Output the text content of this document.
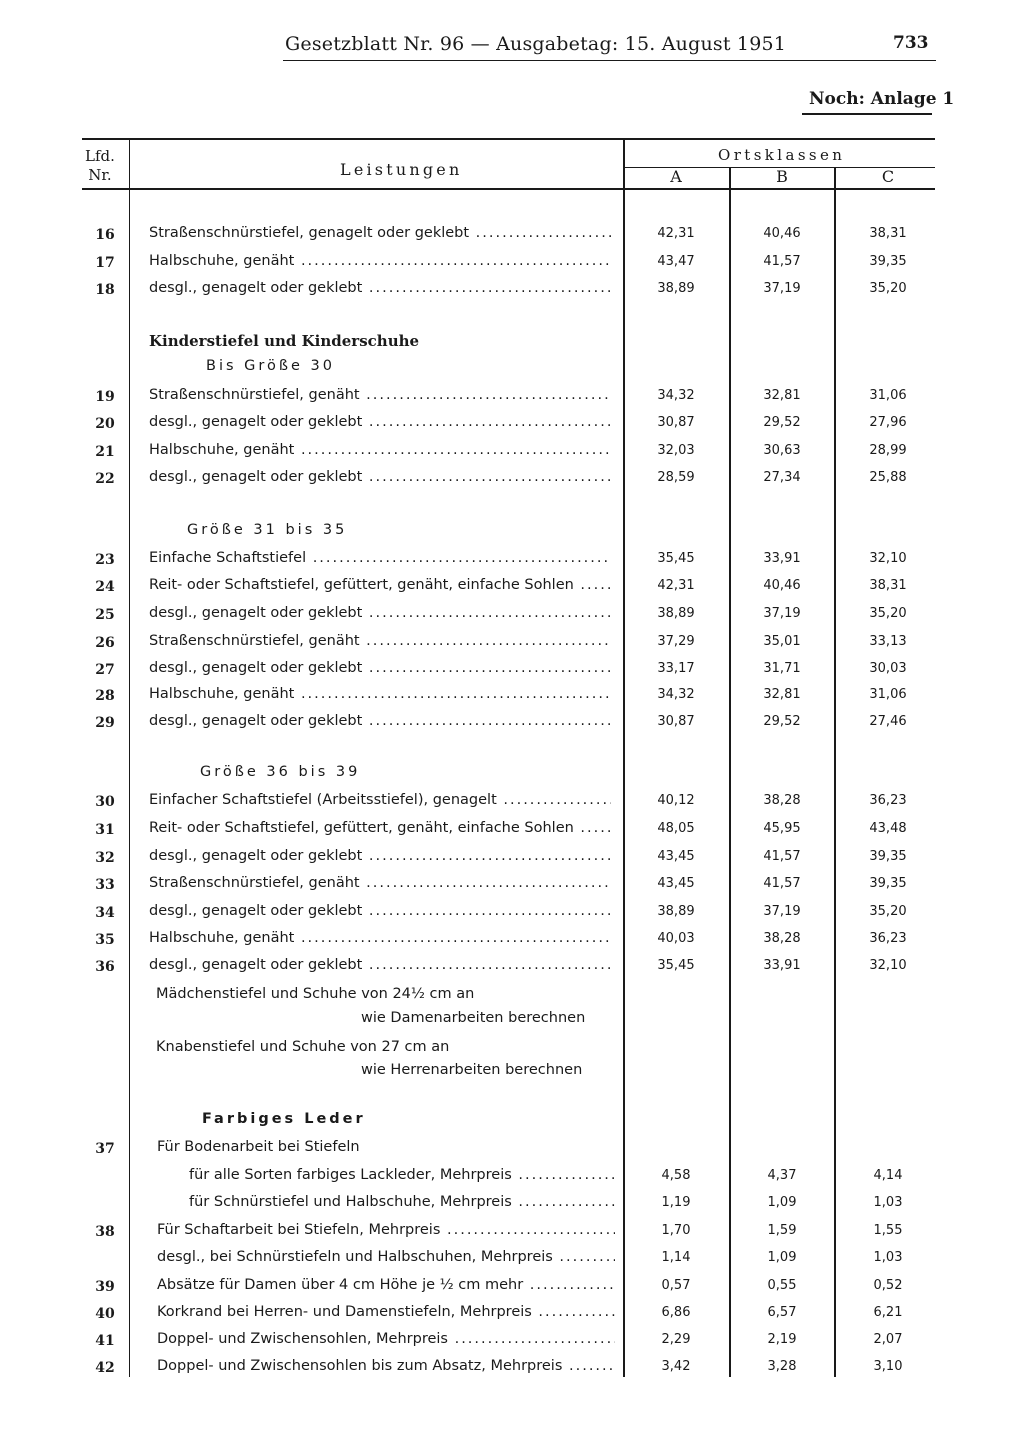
Gesetzblatt Nr. 96 — Ausgabetag: 15. August 1951	733
Noch: Anlage 1
Lfd.
Nr.	Leistungen
Ortsklassen
A	B	C
Kinderstiefel und Kinderschuhe
Bis Größe 30
Größe 31 bis 35
Größe 36 bis 39
Mädchenstiefel und Schuhe von 24½ cm an
wie Damenarbeiten berechnen
Knabenstiefel und Schuhe von 27 cm an
wie Herrenarbeiten berechnen
Farbiges Leder
16	Straßenschnürstiefel, genagelt oder geklebt .....	42,31	40,46	38,31
17	Halbschuhe, genäht .....	43,47	41,57	39,35
18	desgl., genagelt oder geklebt .....	38,89	37,19	35,20
19	Straßenschnürstiefel, genäht .....	34,32	32,81	31,06
20	desgl., genagelt oder geklebt .....	30,87	29,52	27,96
21	Halbschuhe, genäht .....	32,03	30,63	28,99
22	desgl., genagelt oder geklebt .....	28,59	27,34	25,88
23	Einfache Schaftstiefel .....	35,45	33,91	32,10
24	Reit- oder Schaftstiefel, gefüttert, genäht, einfache Sohlen .....	42,31	40,46	38,31
25	desgl., genagelt oder geklebt .....	38,89	37,19	35,20
26	Straßenschnürstiefel, genäht .....	37,29	35,01	33,13
27	desgl., genagelt oder geklebt .....	33,17	31,71	30,03
28	Halbschuhe, genäht .....	34,32	32,81	31,06
29	desgl., genagelt oder geklebt .....	30,87	29,52	27,46
30	Einfacher Schaftstiefel (Arbeitsstiefel), genagelt .....	40,12	38,28	36,23
31	Reit- oder Schaftstiefel, gefüttert, genäht, einfache Sohlen .....	48,05	45,95	43,48
32	desgl., genagelt oder geklebt .....	43,45	41,57	39,35
33	Straßenschnürstiefel, genäht .....	43,45	41,57	39,35
34	desgl., genagelt oder geklebt .....	38,89	37,19	35,20
35	Halbschuhe, genäht .....	40,03	38,28	36,23
36	desgl., genagelt oder geklebt .....	35,45	33,91	32,10
37	Für Bodenarbeit bei Stiefeln
für alle Sorten farbiges Lackleder, Mehrpreis .....	4,58	4,37	4,14
für Schnürstiefel und Halbschuhe, Mehrpreis .....	1,19	1,09	1,03
38	Für Schaftarbeit bei Stiefeln, Mehrpreis .....	1,70	1,59	1,55
desgl., bei Schnürstiefeln und Halbschuhen, Mehrpreis .....	1,14	1,09	1,03
39	Absätze für Damen über 4 cm Höhe je ½ cm mehr .....	0,57	0,55	0,52
40	Korkrand bei Herren- und Damenstiefeln, Mehrpreis .....	6,86	6,57	6,21
41	Doppel- und Zwischensohlen, Mehrpreis .....	2,29	2,19	2,07
42	Doppel- und Zwischensohlen bis zum Absatz, Mehrpreis .....	3,42	3,28	3,10
